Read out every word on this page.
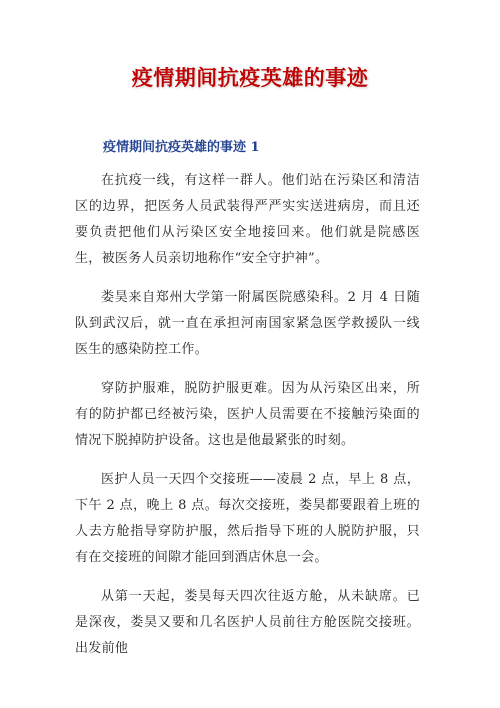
疫情期间抗疫英雄的事迹
疫情期间抗疫英雄的事迹 1

在抗疫一线，有这样一群人。他们站在污染区和清洁区的边界，把医务人员武装得严严实实送进病房，而且还要负责把他们从污染区安全地接回来。他们就是院感医生，被医务人员亲切地称作“安全守护神”。

娄昊来自郑州大学第一附属医院感染科。2 月 4 日随队到武汉后，就一直在承担河南国家紧急医学救援队一线医生的感染防控工作。

穿防护服难，脱防护服更难。因为从污染区出来，所有的防护都已经被污染，医护人员需要在不接触污染面的情况下脱掉防护设备。这也是他最紧张的时刻。

医护人员一天四个交接班——凌晨 2 点，早上 8 点，下午 2 点，晚上 8 点。每次交接班，娄昊都要跟着上班的人去方舱指导穿防护服，然后指导下班的人脱防护服，只有在交接班的间隙才能回到酒店休息一会。

从第一天起，娄昊每天四次往返方舱，从未缺席。已是深夜，娄昊又要和几名医护人员前往方舱医院交接班。出发前他
